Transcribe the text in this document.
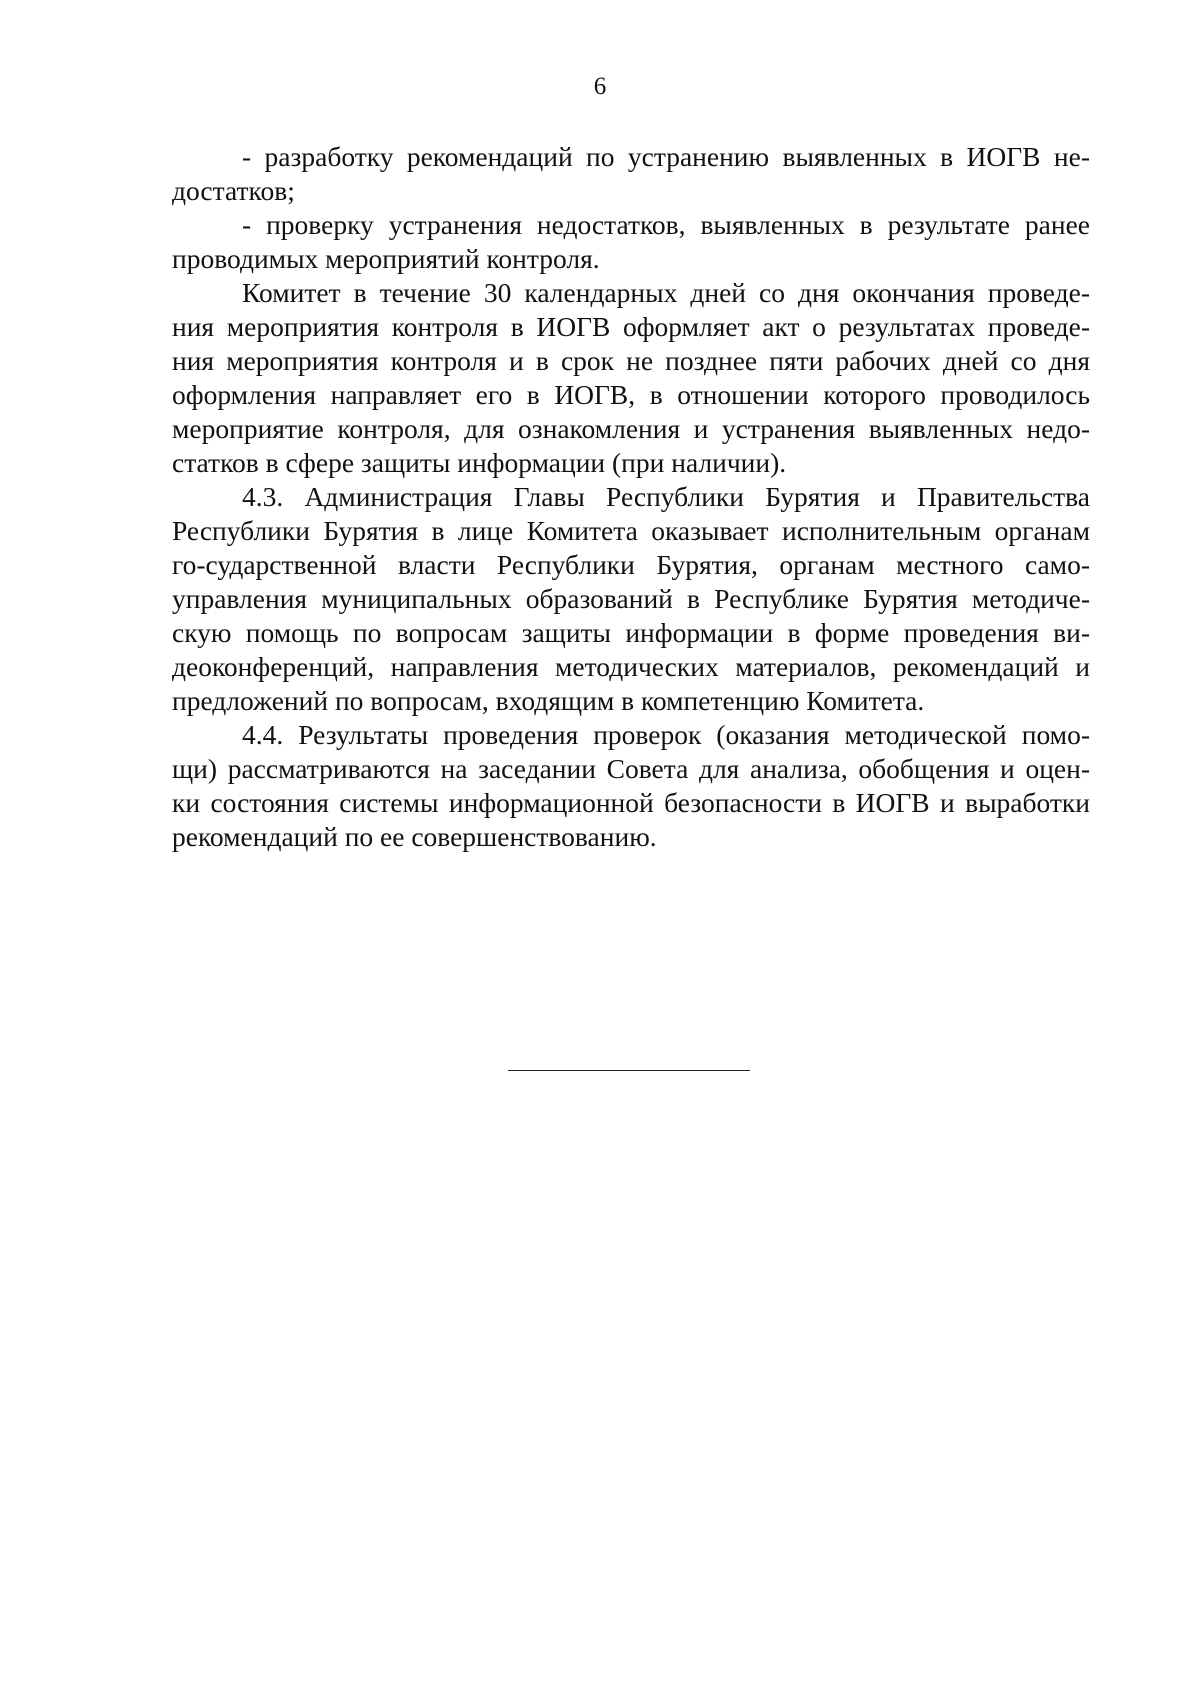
6
- разработку рекомендаций по устранению выявленных в ИОГВ не-
достатков;
- проверку устранения недостатков, выявленных в результате ранее
проводимых мероприятий контроля.
Комитет в течение 30 календарных дней со дня окончания проведе-
ния мероприятия контроля в ИОГВ оформляет акт о результатах проведе-
ния мероприятия контроля и в срок не позднее пяти рабочих дней со дня
оформления направляет его в ИОГВ, в отношении которого проводилось
мероприятие контроля, для ознакомления и устранения выявленных недо-
статков в сфере защиты информации (при наличии).
4.3. Администрация Главы Республики Бурятия и Правительства
Республики Бурятия в лице Комитета оказывает исполнительным органам
го-сударственной власти Республики Бурятия, органам местного само-
управления муниципальных образований в Республике Бурятия методиче-
скую помощь по вопросам защиты информации в форме проведения ви-
деоконференций, направления методических материалов, рекомендаций и
предложений по вопросам, входящим в компетенцию Комитета.
4.4. Результаты проведения проверок (оказания методической помо-
щи) рассматриваются на заседании Совета для анализа, обобщения и оцен-
ки состояния системы информационной безопасности в ИОГВ и выработки
рекомендаций по ее совершенствованию.
